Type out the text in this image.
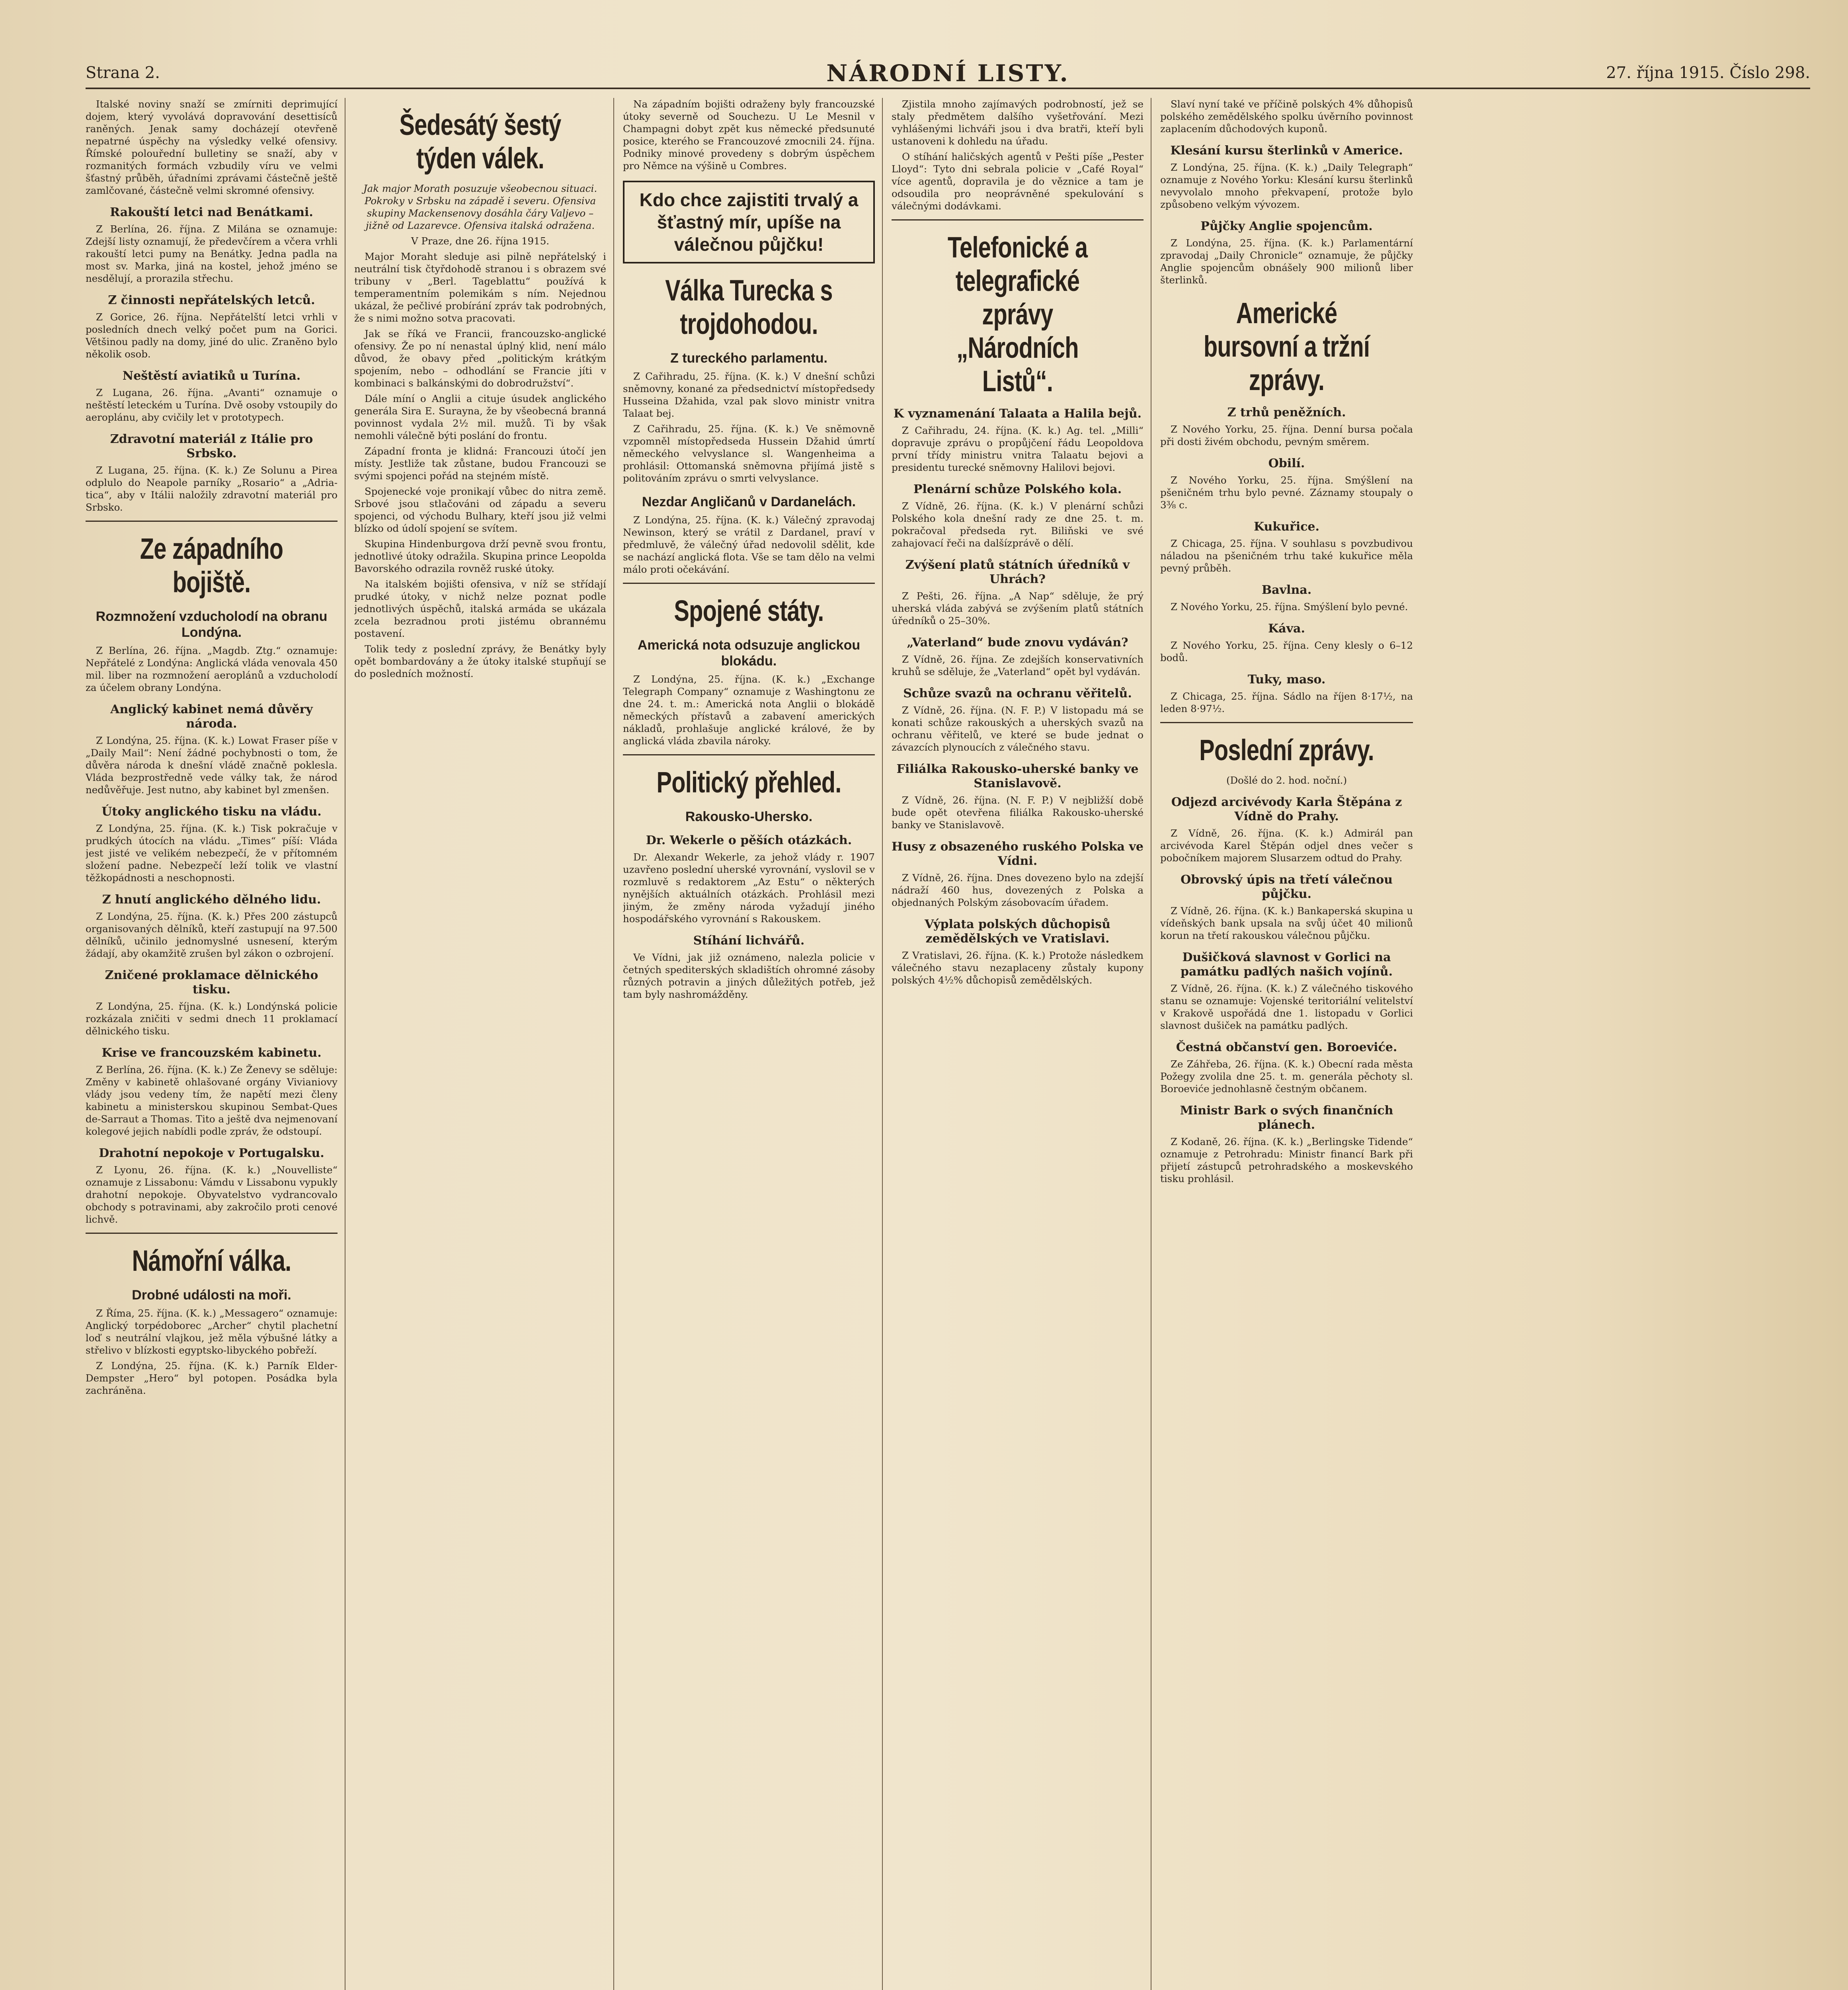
Strana 2.	NÁRODNÍ LISTY.	27. října 1915. Číslo 298.

Italské noviny snaží se zmírniti deprimující dojem, který vyvolává dopravování desettisíců raněných. Jenak samy docházejí otevřeně nepatrné úspěchy na výsledky velké ofensivy. Římské polouřední bulletiny se snaží, aby v rozmanitých formách vzbudily víru ve velmi šťastný průběh, úřadními zprávami částečně ještě zamlčované, částečně velmi skromné ofensivy.

Rakouští letci nad Benátkami.

Z Berlína, 26. října. Z Milána se oznamuje: Zdejší listy oznamují, že předevčírem a včera vrhli rakouští letci pumy na Benátky. Jedna padla na most sv. Marka, jiná na kostel, jehož jméno se nesdělují, a prorazila střechu.

Z činnosti nepřátelských letců.

Z Gorice, 26. října. Nepřátelští letci vrhli v posledních dnech velký počet pum na Gorici. Většinou padly na domy, jiné do ulic. Zraněno bylo několik osob.

Neštěstí aviatiků u Turína.

Z Lugana, 26. října. „Avanti“ oznamuje o neštěstí leteckém u Turína. Dvě osoby vstoupily do aeroplánu, aby cvičily let v prototypech.

Zdravotní materiál z Itálie pro Srbsko.

Z Lugana, 25. října. (K. k.) Ze Solunu a Pirea odplulo do Neapole parníky „Rosario“ a „Adria-tica“, aby v Itálii naložily zdravotní materiál pro Srbsko.

Ze západního bojiště.
Rozmnožení vzducholodí na obranu Londýna.

Z Berlína, 26. října. „Magdb. Ztg.“ oznamuje: Nepřátelé z Londýna: Anglická vláda venovala 450 mil. liber na rozmnožení aeroplánů a vzducholodí za účelem obrany Londýna.

Anglický kabinet nemá důvěry národa.

Z Londýna, 25. října. (K. k.) Lowat Fraser píše v „Daily Mail“: Není žádné pochybnosti o tom, že důvěra národa k dnešní vládě značně poklesla. Vláda bezprostředně vede války tak, že národ nedůvěřuje. Jest nutno, aby kabinet byl zmenšen.

Útoky anglického tisku na vládu.

Z Londýna, 25. října. (K. k.) Tisk pokračuje v prudkých útocích na vládu. „Times“ píší: Vláda jest jisté ve velikém nebezpečí, že v přítomném složení padne. Nebezpečí leží tolik ve vlastní těžkopádnosti a neschopnosti.

Z hnutí anglického dělného lidu.

Z Londýna, 25. října. (K. k.) Přes 200 zástupců organisovaných dělníků, kteří zastupují na 97.500 dělníků, učinilo jednomyslné usnesení, kterým žádají, aby okamžitě zrušen byl zákon o ozbrojení.

Zničené proklamace dělnického tisku.

Z Londýna, 25. října. (K. k.) Londýnská policie rozkázala zničiti v sedmi dnech 11 proklamací dělnického tisku.

Krise ve francouzském kabinetu.

Z Berlína, 26. října. (K. k.) Ze Ženevy se sděluje: Změny v kabinetě ohlašované orgány Vivianiovy vlády jsou vedeny tím, že napětí mezi členy kabinetu a ministerskou skupinou Sembat-Ques de-Sarraut a Thomas. Tito a ještě dva nejmenovaní kolegové jejich nabídli podle zpráv, že odstoupí.

Drahotní nepokoje v Portugalsku.

Z Lyonu, 26. října. (K. k.) „Nouvelliste“ oznamuje z Lissabonu: Vámdu v Lissabonu vypukly drahotní nepokoje. Obyvatelstvo vydrancovalo obchody s potravinami, aby zakročilo proti cenové lichvě.

Námořní válka.
Drobné události na moři.

Z Říma, 25. října. (K. k.) „Messagero“ oznamuje: Anglický torpédoborec „Archer“ chytil plachetní loď s neutrální vlajkou, jež měla výbušné látky a střelivo v blízkosti egyptsko-libyckého pobřeží.

Z Londýna, 25. října. (K. k.) Parník Elder-Dempster „Hero“ byl potopen. Posádka byla zachráněna.

Šedesátý šestý týden válek.

Jak major Morath posuzuje všeobecnou situaci. Pokroky v Srbsku na západě i severu. Ofensiva skupiny Mackensenovy dosáhla čáry Valjevo – jižně od Lazarevce. Ofensiva italská odražena.

V Praze, dne 26. října 1915.

Major Moraht sleduje asi pilně nepřátelský i neutrální tisk čtyřdohodě stranou i s obrazem své tribuny v „Berl. Tageblattu“ používá k temperamentním polemikám s ním. Nejednou ukázal, že pečlivé probírání zpráv tak podrobných, že s nimi možno sotva pracovati.

Jak se říká ve Francii, francouzsko-anglické ofensivy. Že po ní nenastal úplný klid, není málo důvod, že obavy před „politickým krátkým spojením, nebo – odhodlání se Francie jíti v kombinaci s balkánskými do dobrodružství“.

Dále míní o Anglii a cituje úsudek anglického generála Sira E. Surayna, že by všeobecná branná povinnost vydala 2½ mil. mužů. Ti by však nemohli válečně býti poslání do frontu.

Západní fronta je klidná: Francouzi útočí jen místy. Jestliže tak zůstane, budou Francouzi se svými spojenci pořád na stejném místě.

Spojenecké voje pronikají vůbec do nitra země. Srbové jsou stlačováni od západu a severu spojenci, od východu Bulhary, kteří jsou již velmi blízko od údolí spojení se svítem.

Skupina Hindenburgova drží pevně svou frontu, jednotlivé útoky odražila. Skupina prince Leopolda Bavorského odrazila rovněž ruské útoky.

Na italském bojišti ofensiva, v níž se střídají prudké útoky, v nichž nelze poznat podle jednotlivých úspěchů, italská armáda se ukázala zcela bezradnou proti jistému obrannému postavení.

Tolik tedy z poslední zprávy, že Benátky byly opět bombardovány a že útoky italské stupňují se do posledních možností.

Na západním bojišti odraženy byly francouzské útoky severně od Souchezu. U Le Mesnil v Champagni dobyt zpět kus německé předsunuté posice, kterého se Francouzové zmocnili 24. října. Podniky minové provedeny s dobrým úspěchem pro Němce na výšině u Combres.

Kdo chce zajistiti trvalý a šťastný mír, upíše na válečnou půjčku!
Válka Turecka s trojdohodou.
Z tureckého parlamentu.

Z Cařihradu, 25. října. (K. k.) V dnešní schůzi sněmovny, konané za předsednictví místopředsedy Husseina Džahida, vzal pak slovo ministr vnitra Talaat bej.

Z Cařihradu, 25. října. (K. k.) Ve sněmovně vzpomněl místopředseda Hussein Džahid úmrtí německého velvyslance sl. Wangenheima a prohlásil: Ottomanská sněmovna přijímá jistě s politováním zprávu o smrti velvyslance.

Nezdar Angličanů v Dardanelách.

Z Londýna, 25. října. (K. k.) Válečný zpravodaj Newinson, který se vrátil z Dardanel, praví v předmluvě, že válečný úřad nedovolil sdělit, kde se nachází anglická flota. Vše se tam dělo na velmi málo proti očekávání.

Spojené státy.
Americká nota odsuzuje anglickou blokádu.

Z Londýna, 25. října. (K. k.) „Exchange Telegraph Company“ oznamuje z Washingtonu ze dne 24. t. m.: Americká nota Anglii o blokádě německých přístavů a zabavení amerických nákladů, prohlašuje anglické králové, že by anglická vláda zbavila nároky.

Politický přehled.
Rakousko-Uhersko.
Dr. Wekerle o pěších otázkách.

Dr. Alexandr Wekerle, za jehož vlády r. 1907 uzavřeno poslední uherské vyrovnání, vyslovil se v rozmluvě s redaktorem „Az Estu“ o některých nynějších aktuálních otázkách. Prohlásil mezi jiným, že změny národa vyžadují jiného hospodářského vyrovnání s Rakouskem.

Stíhání lichvářů.

Ve Vídni, jak již oznámeno, nalezla policie v četných spediterských skladištích ohromné zásoby různých potravin a jiných důležitých potřeb, jež tam byly nashromážděny.

Zjistila mnoho zajímavých podrobností, jež se staly předmětem dalšího vyšetřování. Mezi vyhlášenými lichváři jsou i dva bratři, kteří byli ustanoveni k dohledu na úřadu.

O stíhání haličských agentů v Pešti píše „Pester Lloyd“: Tyto dni sebrala policie v „Café Royal“ více agentů, dopravila je do věznice a tam je odsoudila pro neoprávněné spekulování s válečnými dodávkami.

Telefonické a telegrafické zprávy „Národních Listů“.
K vyznamenání Talaata a Halila bejů.

Z Cařihradu, 24. října. (K. k.) Ag. tel. „Milli“ dopravuje zprávu o propůjčení řádu Leopoldova první třídy ministru vnitra Talaatu bejovi a presidentu turecké sněmovny Halilovi bejovi.

Plenární schůze Polského kola.

Z Vídně, 26. října. (K. k.) V plenární schůzi Polského kola dnešní rady ze dne 25. t. m. pokračoval předseda ryt. Biliňski ve své zahajovací řeči na dalšízprávě o dělí.

Zvýšení platů státních úředníků v Uhrách?

Z Pešti, 26. října. „A Nap“ sděluje, že prý uherská vláda zabývá se zvýšením platů státních úředníků o 25–30%.

„Vaterland“ bude znovu vydáván?

Z Vídně, 26. října. Ze zdejších konservativních kruhů se sděluje, že „Vaterland“ opět byl vydáván.

Schůze svazů na ochranu věřitelů.

Z Vídně, 26. října. (N. F. P.) V listopadu má se konati schůze rakouských a uherských svazů na ochranu věřitelů, ve které se bude jednat o závazcích plynoucích z válečného stavu.

Filiálka Rakousko-uherské banky ve Stanislavově.

Z Vídně, 26. října. (N. F. P.) V nejbližší době bude opět otevřena filiálka Rakousko-uherské banky ve Stanislavově.

Husy z obsazeného ruského Polska ve Vídni.

Z Vídně, 26. října. Dnes dovezeno bylo na zdejší nádraží 460 hus, dovezených z Polska a objednaných Polským zásobovacím úřadem.

Výplata polských důchopisů zemědělských ve Vratislavi.

Z Vratislavi, 26. října. (K. k.) Protože následkem válečného stavu nezaplaceny zůstaly kupony polských 4½% důchopisů zemědělských.

Slaví nyní také ve příčině polských 4% důhopisů polského zemědělského spolku úvěrního povinnost zaplacením důchodových kuponů.

Klesání kursu šterlinků v Americe.

Z Londýna, 25. října. (K. k.) „Daily Telegraph“ oznamuje z Nového Yorku: Klesání kursu šterlinků nevyvolalo mnoho překvapení, protože bylo způsobeno velkým vývozem.

Půjčky Anglie spojencům.

Z Londýna, 25. října. (K. k.) Parlamentární zpravodaj „Daily Chronicle“ oznamuje, že půjčky Anglie spojencům obnášely 900 milionů liber šterlinků.

Americké bursovní a tržní zprávy.
Z trhů peněžních.

Z Nového Yorku, 25. října. Denní bursa počala při dosti živém obchodu, pevným směrem.

Obilí.

Z Nového Yorku, 25. října. Smýšlení na pšeničném trhu bylo pevné. Záznamy stoupaly o 3⅜ c.

Kukuřice.

Z Chicaga, 25. října. V souhlasu s povzbudivou náladou na pšeničném trhu také kukuřice měla pevný průběh.

Bavlna.

Z Nového Yorku, 25. října. Smýšlení bylo pevné.

Káva.

Z Nového Yorku, 25. října. Ceny klesly o 6–12 bodů.

Tuky, maso.

Z Chicaga, 25. října. Sádlo na říjen 8·17½, na leden 8·97½.

Poslední zprávy.

(Došlé do 2. hod. noční.)

Odjezd arcivévody Karla Štěpána z Vídně do Prahy.

Z Vídně, 26. října. (K. k.) Admirál pan arcivévoda Karel Štěpán odjel dnes večer s pobočníkem majorem Slusarzem odtud do Prahy.

Obrovský úpis na třetí válečnou půjčku.

Z Vídně, 26. října. (K. k.) Bankaperská skupina u vídeňských bank upsala na svůj účet 40 milionů korun na třetí rakouskou válečnou půjčku.

Dušičková slavnost v Gorlici na památku padlých našich vojínů.

Z Vídně, 26. října. (K. k.) Z válečného tiskového stanu se oznamuje: Vojenské teritoriální velitelství v Krakově uspořádá dne 1. listopadu v Gorlici slavnost dušiček na památku padlých.

Čestná občanství gen. Boroeviće.

Ze Záhřeba, 26. října. (K. k.) Obecní rada města Požegy zvolila dne 25. t. m. generála pěchoty sl. Boroeviće jednohlasně čestným občanem.

Ministr Bark o svých finančních plánech.

Z Kodaně, 26. října. (K. k.) „Berlingske Tidende“ oznamuje z Petrohradu: Ministr financí Bark při přijetí zástupců petrohradského a moskevského tisku prohlásil.
